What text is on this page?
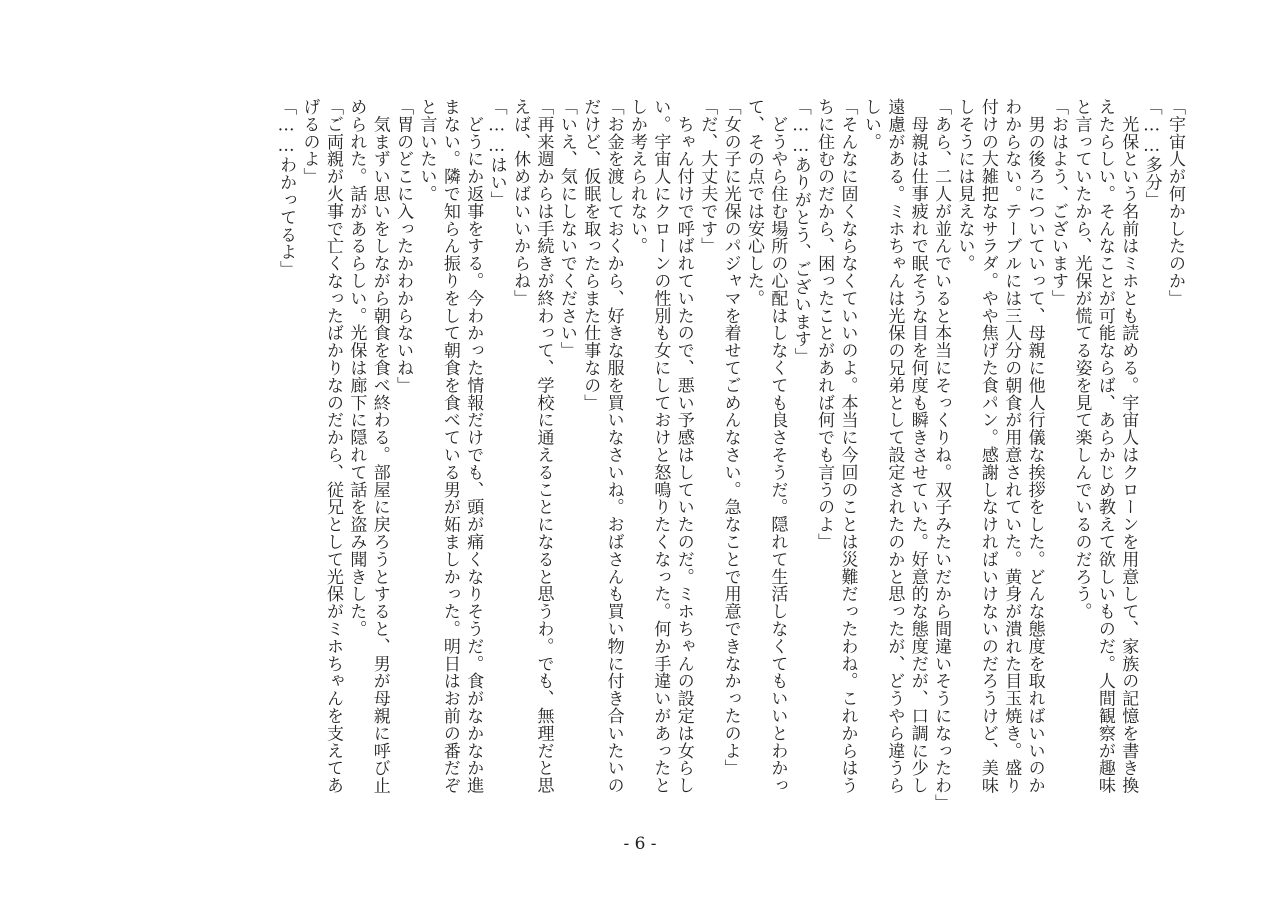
「宇宙人が何かしたのか」
「……多分」
　光保という名前はミホとも読める。宇宙人はクローンを用意して、家族の記憶を書き換
えたらしい。そんなことが可能ならば、あらかじめ教えて欲しいものだ。人間観察が趣味
と言っていたから、光保が慌てる姿を見て楽しんでいるのだろう。
「おはよう、ございます」
　男の後ろについていって、母親に他人行儀な挨拶をした。どんな態度を取ればいいのか
わからない。テーブルには三人分の朝食が用意されていた。黄身が潰れた目玉焼き。盛り
付けの大雑把なサラダ。やや焦げた食パン。感謝しなければいけないのだろうけど、美味
しそうには見えない。
「あら、二人が並んでいると本当にそっくりね。双子みたいだから間違いそうになったわ」
　母親は仕事疲れで眠そうな目を何度も瞬きさせていた。好意的な態度だが、口調に少し
遠慮がある。ミホちゃんは光保の兄弟として設定されたのかと思ったが、どうやら違うら
しい。
「そんなに固くならなくていいのよ。本当に今回のことは災難だったわね。これからはう
ちに住むのだから、困ったことがあれば何でも言うのよ」
「……ありがとう、ございます」
　どうやら住む場所の心配はしなくても良さそうだ。隠れて生活しなくてもいいとわかっ
て、その点では安心した。
「女の子に光保のパジャマを着せてごめんなさい。急なことで用意できなかったのよ」
「だ、大丈夫です」
　ちゃん付けで呼ばれていたので、悪い予感はしていたのだ。ミホちゃんの設定は女らし
い。宇宙人にクローンの性別も女にしておけと怒鳴りたくなった。何か手違いがあったと
しか考えられない。
「お金を渡しておくから、好きな服を買いなさいね。おばさんも買い物に付き合いたいの
だけど、仮眠を取ったらまた仕事なの」
「いえ、気にしないでください」
「再来週からは手続きが終わって、学校に通えることになると思うわ。でも、無理だと思
えば、休めばいいからね」
「……はい」
　どうにか返事をする。今わかった情報だけでも、頭が痛くなりそうだ。食がなかなか進
まない。隣で知らん振りをして朝食を食べている男が妬ましかった。明日はお前の番だぞ
と言いたい。
「胃のどこに入ったかわからないね」
　気まずい思いをしながら朝食を食べ終わる。部屋に戻ろうとすると、男が母親に呼び止
められた。話があるらしい。光保は廊下に隠れて話を盗み聞きした。
「ご両親が火事で亡くなったばかりなのだから、従兄として光保がミホちゃんを支えてあ
げるのよ」
「……わかってるよ」
- 6 -
